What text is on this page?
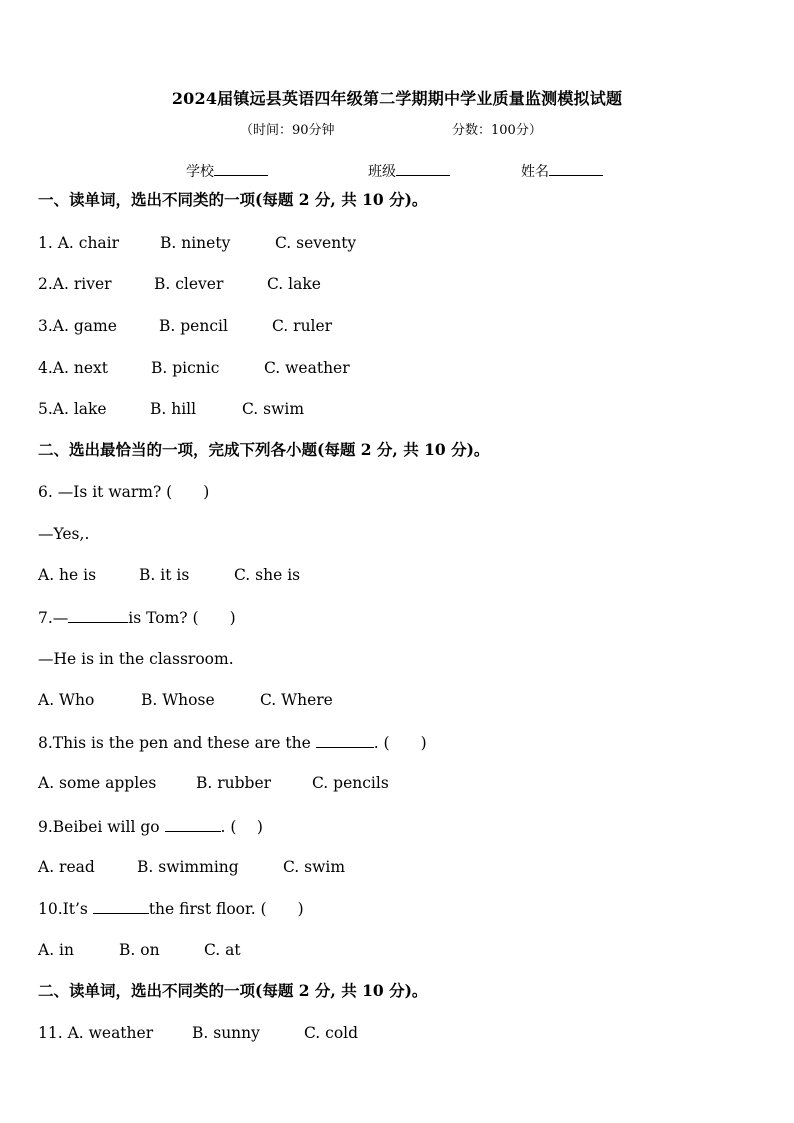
2024届镇远县英语四年级第二学期期中学业质量监测模拟试题
（时间：90分钟	分数：100分）
学校	班级	姓名
一、读单词，选出不同类的一项(每题 2 分, 共 10 分)。
1. A. chair	B. ninety	C. seventy
2.A. river	B. clever	C. lake
3.A. game	B. pencil	C. ruler
4.A. next	B. picnic	C. weather
5.A. lake	B. hill	C. swim
二、选出最恰当的一项，完成下列各小题(每题 2 分, 共 10 分)。
6. —Is it warm? (　　)
—Yes,.
A. he is	B. it is	C. she is
7.—	is Tom? (　　)
—He is in the classroom.
A. Who	B. Whose	C. Where
8.This is the pen and these are the	. (　　)
A. some apples	B. rubber	C. pencils
9.Beibei will go	. (　 )
A. read	B. swimming	C. swim
10.It’s	the first floor. (　　)
A. in	B. on	C. at
二、读单词，选出不同类的一项(每题 2 分, 共 10 分)。
11. A. weather	B. sunny	C. cold
